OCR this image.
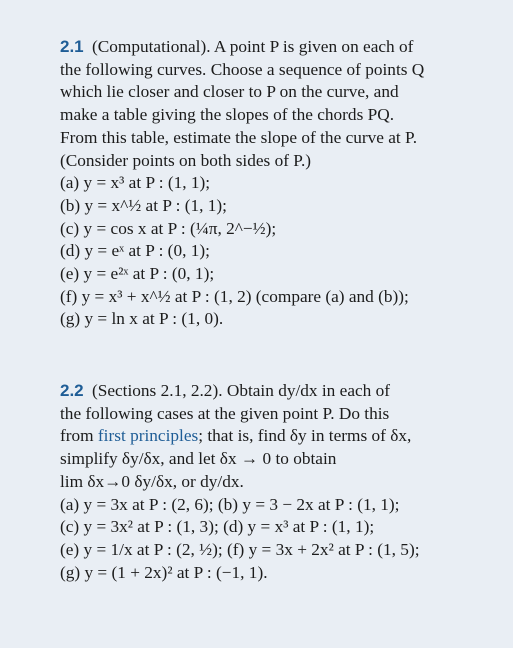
2.1 (Computational). A point P is given on each of

the following curves. Choose a sequence of points Q

which lie closer and closer to P on the curve, and

make a table giving the slopes of the chords PQ.

From this table, estimate the slope of the curve at P.

(Consider points on both sides of P.)

(a) y = x³ at P : (1, 1);

(b) y = x^½ at P : (1, 1);

(c) y = cos x at P : (¼π, 2^−½);

(d) y = eˣ at P : (0, 1);

(e) y = e²ˣ at P : (0, 1);

(f) y = x³ + x^½ at P : (1, 2) (compare (a) and (b));

(g) y = ln x at P : (1, 0).

2.2 (Sections 2.1, 2.2). Obtain dy/dx in each of

the following cases at the given point P. Do this

from first principles; that is, find δy in terms of δx,

simplify δy/δx, and let δx → 0 to obtain

lim δx→0 δy/δx, or dy/dx.

(a) y = 3x at P : (2, 6); (b) y = 3 − 2x at P : (1, 1);

(c) y = 3x² at P : (1, 3); (d) y = x³ at P : (1, 1);

(e) y = 1/x at P : (2, ½); (f) y = 3x + 2x² at P : (1, 5);

(g) y = (1 + 2x)² at P : (−1, 1).
